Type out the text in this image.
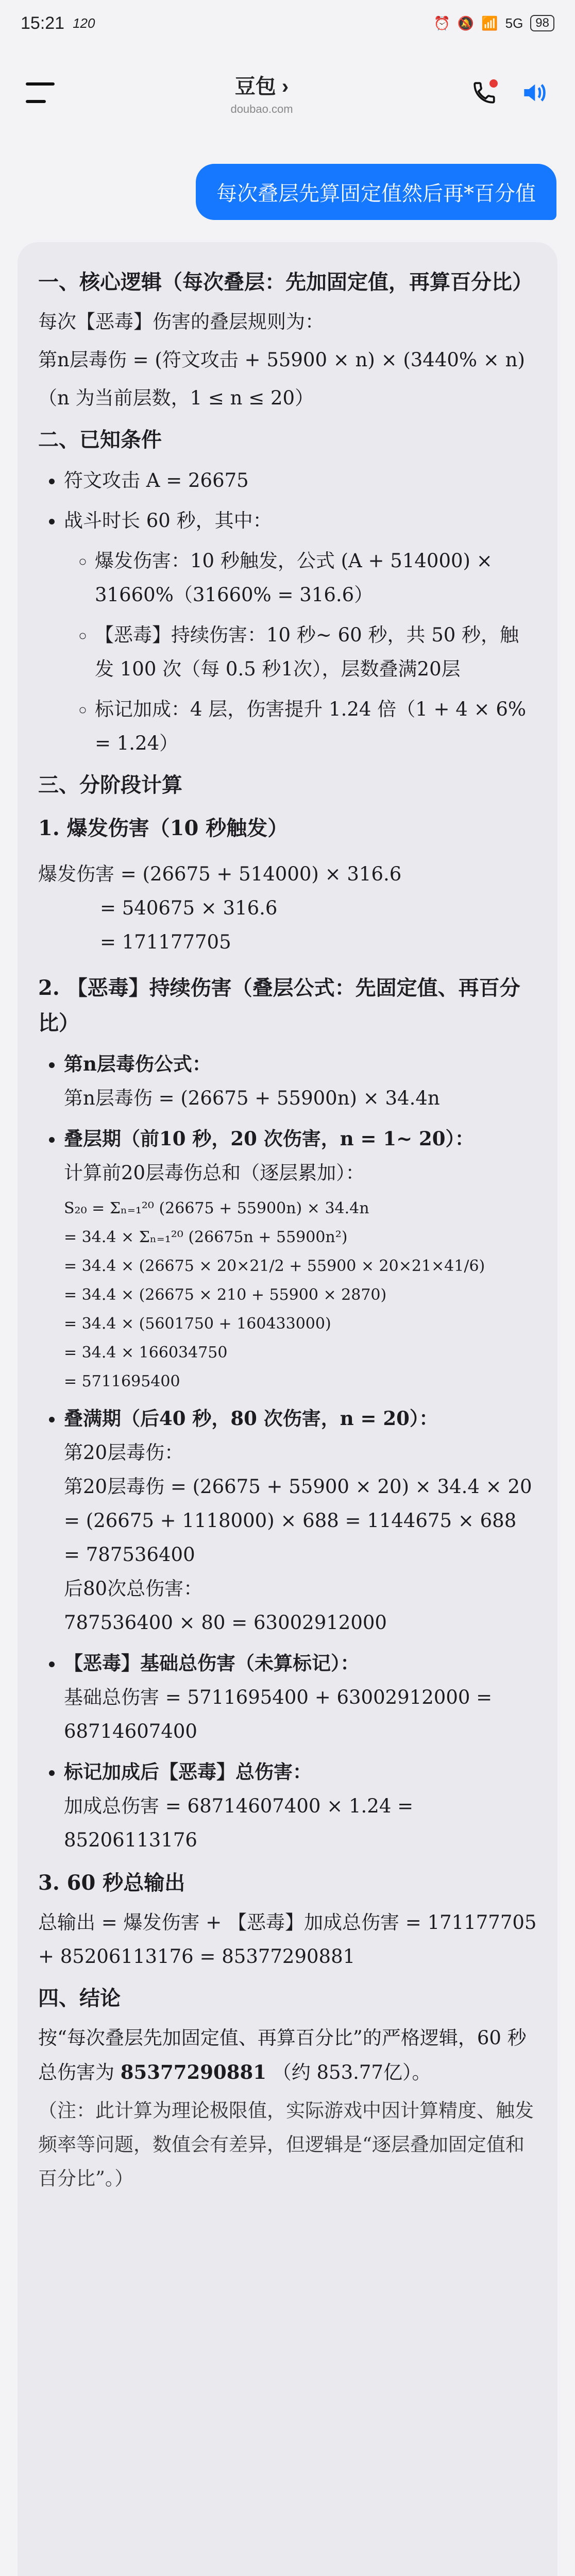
15:21 120	⏰ 🔕 📶 5G	98
豆包 ›
doubao.com
每次叠层先算固定值然后再*百分值
一、核心逻辑（每次叠层：先加固定值，再算百分比）

每次【恶毒】伤害的叠层规则为：

第n层毒伤 = (符文攻击 + 55900 × n) × (3440% × n)

（n 为当前层数，1 ≤ n ≤ 20）

二、已知条件
• 符文攻击 A = 26675
• 战斗时长 60 秒，其中：
◦ 爆发伤害：10 秒触发，公式 (A + 514000) × 31660%（31660% = 316.6）
◦ 【恶毒】持续伤害：10 秒~ 60 秒，共 50 秒，触发 100 次（每 0.5 秒1次），层数叠满20层
◦ 标记加成：4 层，伤害提升 1.24 倍（1 + 4 × 6% = 1.24）
三、分阶段计算
1. 爆发伤害（10 秒触发）
爆发伤害 = (26675 + 514000) × 316.6
= 540675 × 316.6
= 171177705
2. 【恶毒】持续伤害（叠层公式：先固定值、再百分比）
• 第n层毒伤公式：
第n层毒伤 = (26675 + 55900n) × 34.4n
• 叠层期（前10 秒，20 次伤害，n = 1~ 20）：
计算前20层毒伤总和（逐层累加）：
S₂₀ = Σₙ₌₁²⁰ (26675 + 55900n) × 34.4n
= 34.4 × Σₙ₌₁²⁰ (26675n + 55900n²)
= 34.4 × (26675 × 20×21/2 + 55900 × 20×21×41/6)
= 34.4 × (26675 × 210 + 55900 × 2870)
= 34.4 × (5601750 + 160433000)
= 34.4 × 166034750
= 5711695400
• 叠满期（后40 秒，80 次伤害，n = 20）：
第20层毒伤：
第20层毒伤 = (26675 + 55900 × 20) × 34.4 × 20 = (26675 + 1118000) × 688 = 1144675 × 688 = 787536400
后80次总伤害：
787536400 × 80 = 63002912000
• 【恶毒】基础总伤害（未算标记）：
基础总伤害 = 5711695400 + 63002912000 = 68714607400
• 标记加成后【恶毒】总伤害：
加成总伤害 = 68714607400 × 1.24 = 85206113176
3. 60 秒总输出

总输出 = 爆发伤害 + 【恶毒】加成总伤害 = 171177705 + 85206113176 = 85377290881

四、结论

按“每次叠层先加固定值、再算百分比”的严格逻辑，60 秒总伤害为 85377290881 （约 853.77亿）。

（注：此计算为理论极限值，实际游戏中因计算精度、触发频率等问题，数值会有差异，但逻辑是“逐层叠加固定值和百分比”。）
